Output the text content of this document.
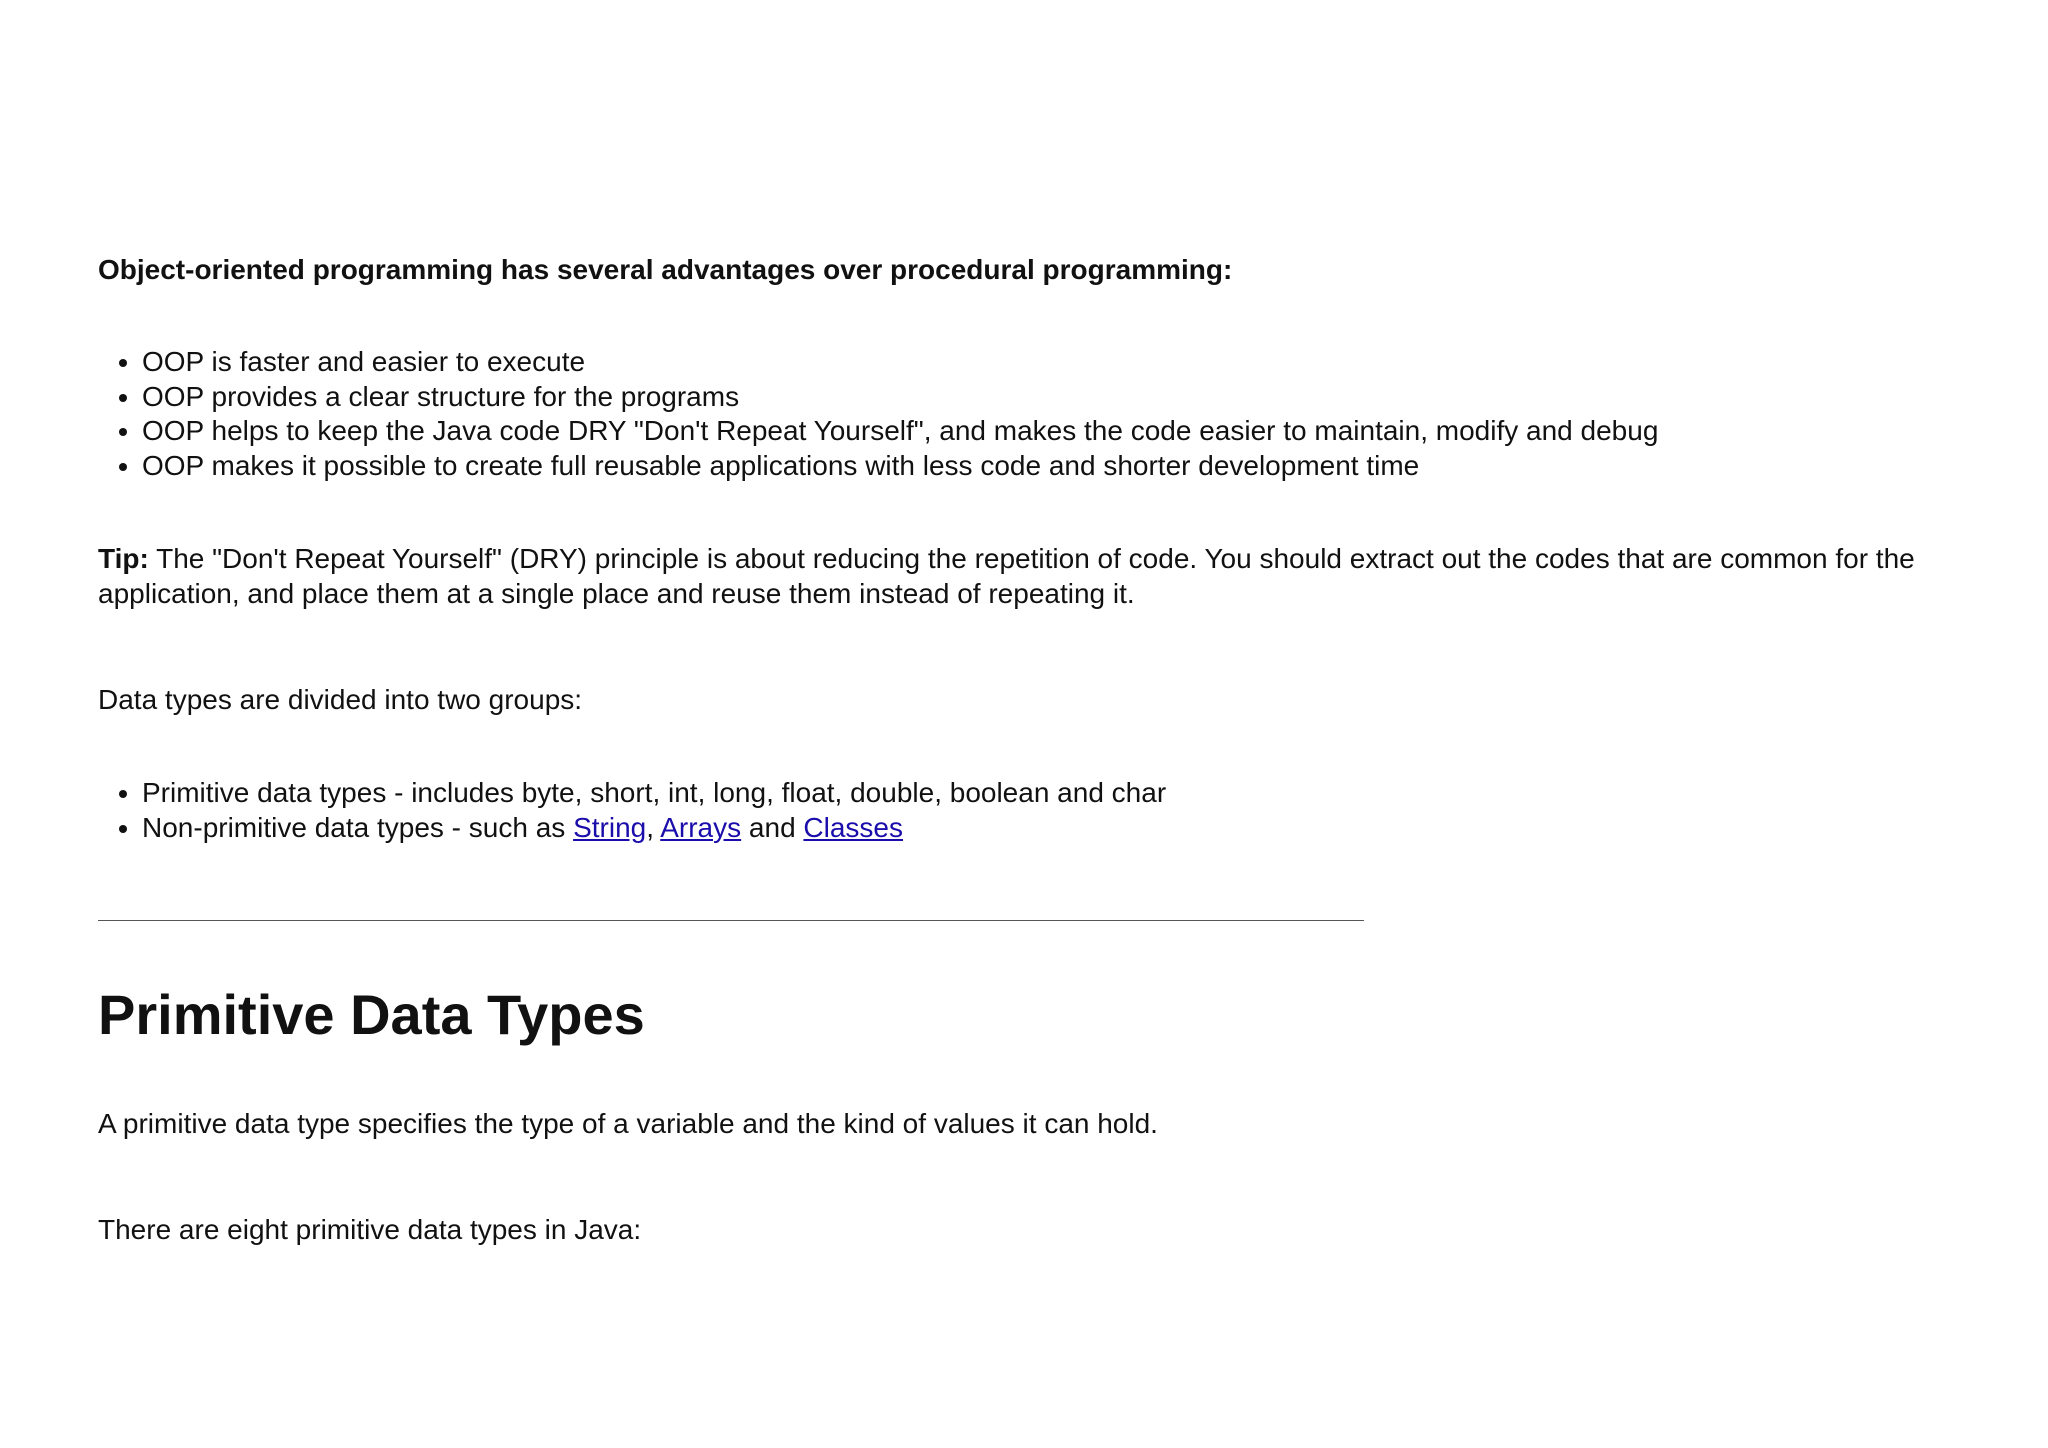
Object-oriented programming has several advantages over procedural programming:

• OOP is faster and easier to execute
• OOP provides a clear structure for the programs
• OOP helps to keep the Java code DRY "Don't Repeat Yourself", and makes the code easier to maintain, modify and debug
• OOP makes it possible to create full reusable applications with less code and shorter development time

Tip: The "Don't Repeat Yourself" (DRY) principle is about reducing the repetition of code. You should extract out the codes that are common for the application, and place them at a single place and reuse them instead of repeating it.

Data types are divided into two groups:

• Primitive data types - includes byte, short, int, long, float, double, boolean and char
• Non-primitive data types - such as String, Arrays and Classes
Primitive Data Types

A primitive data type specifies the type of a variable and the kind of values it can hold.

There are eight primitive data types in Java:
